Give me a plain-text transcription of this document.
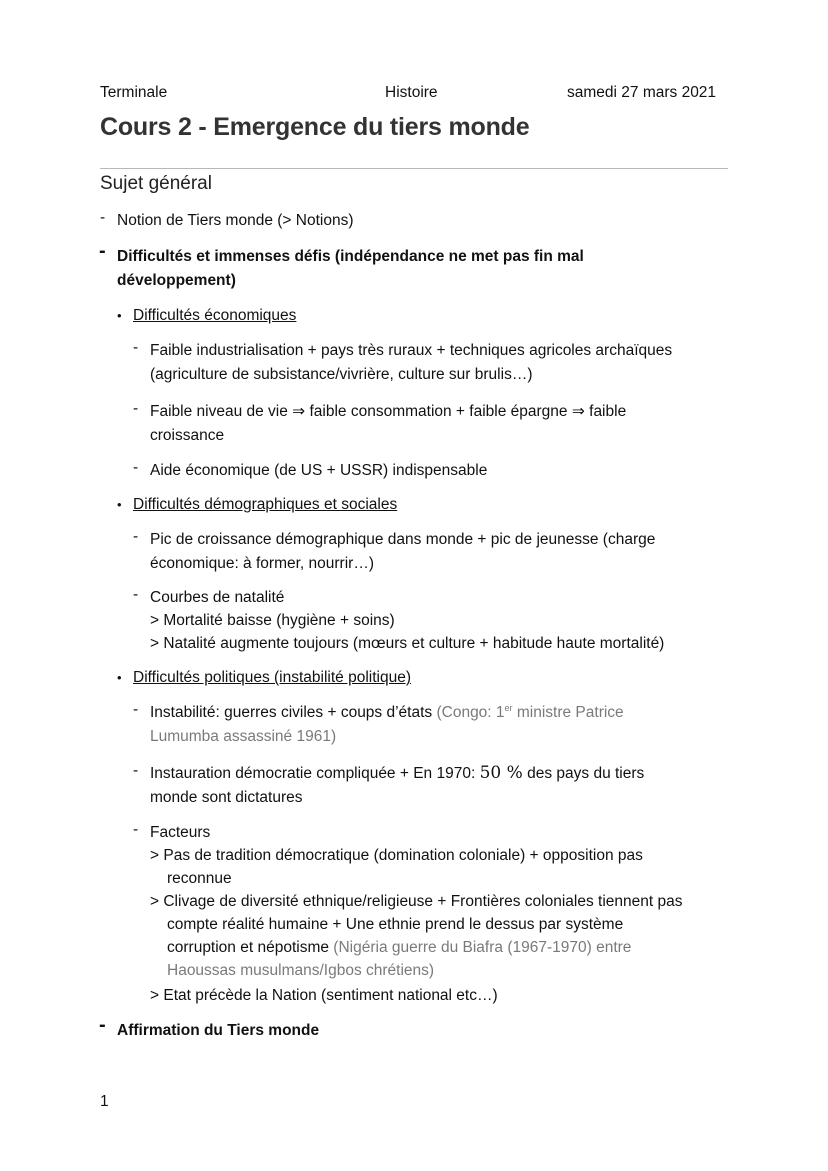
Terminale	Histoire	samedi 27 mars 2021
Cours 2 - Emergence du tiers monde
Sujet général
- Notion de Tiers monde (> Notions)
- Difficultés et immenses défis (indépendance ne met pas fin mal
développement)
• Difficultés économiques
- Faible industrialisation + pays très ruraux + techniques agricoles archaïques
(agriculture de subsistance/vivrière, culture sur brulis…)
- Faible niveau de vie ⇒ faible consommation + faible épargne ⇒ faible
croissance
- Aide économique (de US + USSR) indispensable
• Difficultés démographiques et sociales
- Pic de croissance démographique dans monde + pic de jeunesse (charge
économique: à former, nourrir…)
- Courbes de natalité
> Mortalité baisse (hygiène + soins)
> Natalité augmente toujours (mœurs et culture + habitude haute mortalité)
• Difficultés politiques (instabilité politique)
- Instabilité: guerres civiles + coups d’états (Congo: 1er ministre Patrice
Lumumba assassiné 1961)
- Instauration démocratie compliquée + En 1970: 50 % des pays du tiers
monde sont dictatures
- Facteurs
> Pas de tradition démocratique (domination coloniale) + opposition pas
reconnue
> Clivage de diversité ethnique/religieuse + Frontières coloniales tiennent pas
compte réalité humaine + Une ethnie prend le dessus par système
corruption et népotisme (Nigéria guerre du Biafra (1967-1970) entre
Haoussas musulmans/Igbos chrétiens)
> Etat précède la Nation (sentiment national etc…)
- Affirmation du Tiers monde
1
